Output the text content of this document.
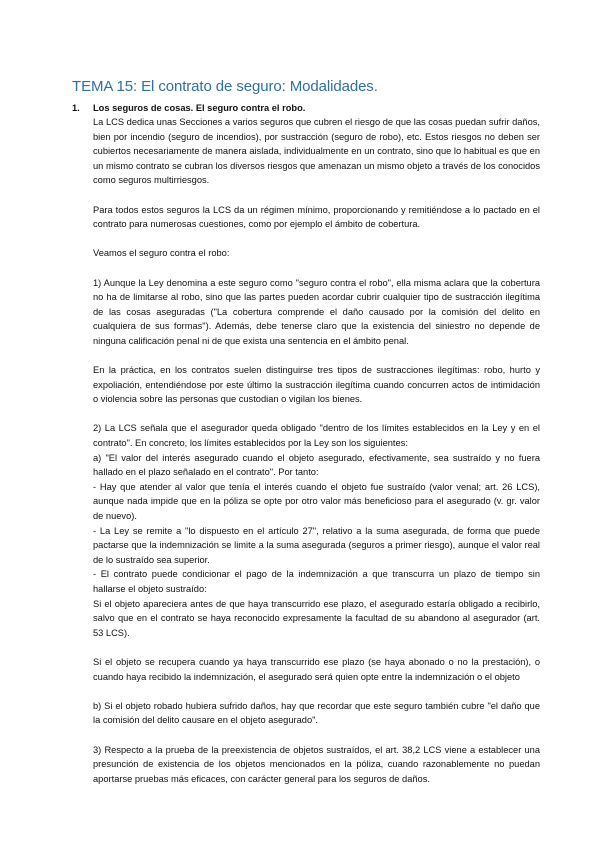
TEMA 15: El contrato de seguro: Modalidades.
1.	Los seguros de cosas. El seguro contra el robo.

La LCS dedica unas Secciones a varios seguros que cubren el riesgo de que las cosas puedan sufrir daños, bien por incendio (seguro de incendios), por sustracción (seguro de robo), etc. Estos riesgos no deben ser cubiertos necesariamente de manera aislada, individualmente en un contrato, sino que lo habitual es que en un mismo contrato se cubran los diversos riesgos que amenazan un mismo objeto a través de los conocidos como seguros multirriesgos.

Para todos estos seguros la LCS da un régimen mínimo, proporcionando y remitiéndose a lo pactado en el contrato para numerosas cuestiones, como por ejemplo el ámbito de cobertura.

Veamos el seguro contra el robo:

1) Aunque la Ley denomina a este seguro como "seguro contra el robo", ella misma aclara que la cobertura no ha de limitarse al robo, sino que las partes pueden acordar cubrir cualquier tipo de sustracción ilegítima de las cosas aseguradas ("La cobertura comprende el daño causado por la comisión del delito en cualquiera de sus formas"). Además, debe tenerse claro que la existencia del siniestro no depende de ninguna calificación penal ni de que exista una sentencia en el ámbito penal.

En la práctica, en los contratos suelen distinguirse tres tipos de sustracciones ilegítimas: robo, hurto y expoliación, entendiéndose por este último la sustracción ilegítima cuando concurren actos de intimidación o violencia sobre las personas que custodian o vigilan los bienes.

2) La LCS señala que el asegurador queda obligado "dentro de los límites establecidos en la Ley y en el contrato". En concreto, los límites establecidos por la Ley son los siguientes:

a) "El valor del interés asegurado cuando el objeto asegurado, efectivamente, sea sustraído y no fuera hallado en el plazo señalado en el contrato". Por tanto:

- Hay que atender al valor que tenía el interés cuando el objeto fue sustraído (valor venal; art. 26 LCS), aunque nada impide que en la póliza se opte por otro valor más beneficioso para el asegurado (v. gr. valor de nuevo).

- La Ley se remite a "lo dispuesto en el artículo 27", relativo a la suma asegurada, de forma que puede pactarse que la indemnización se limite a la suma asegurada (seguros a primer riesgo), aunque el valor real de lo sustraído sea superior.

- El contrato puede condicionar el pago de la indemnización a que transcurra un plazo de tiempo sin hallarse el objeto sustraído:

Si el objeto apareciera antes de que haya transcurrido ese plazo, el asegurado estaría obligado a recibirlo, salvo que en el contrato se haya reconocido expresamente la facultad de su abandono al asegurador (art. 53 LCS).

Si el objeto se recupera cuando ya haya transcurrido ese plazo (se haya abonado o no la prestación), o cuando haya recibido la indemnización, el asegurado será quien opte entre la indemnización o el objeto

b) Si el objeto robado hubiera sufrido daños, hay que recordar que este seguro también cubre "el daño que la comisión del delito causare en el objeto asegurado".

3) Respecto a la prueba de la preexistencia de objetos sustraídos, el art. 38,2 LCS viene a establecer una presunción de existencia de los objetos mencionados en la póliza, cuando razonablemente no puedan aportarse pruebas más eficaces, con carácter general para los seguros de daños.
